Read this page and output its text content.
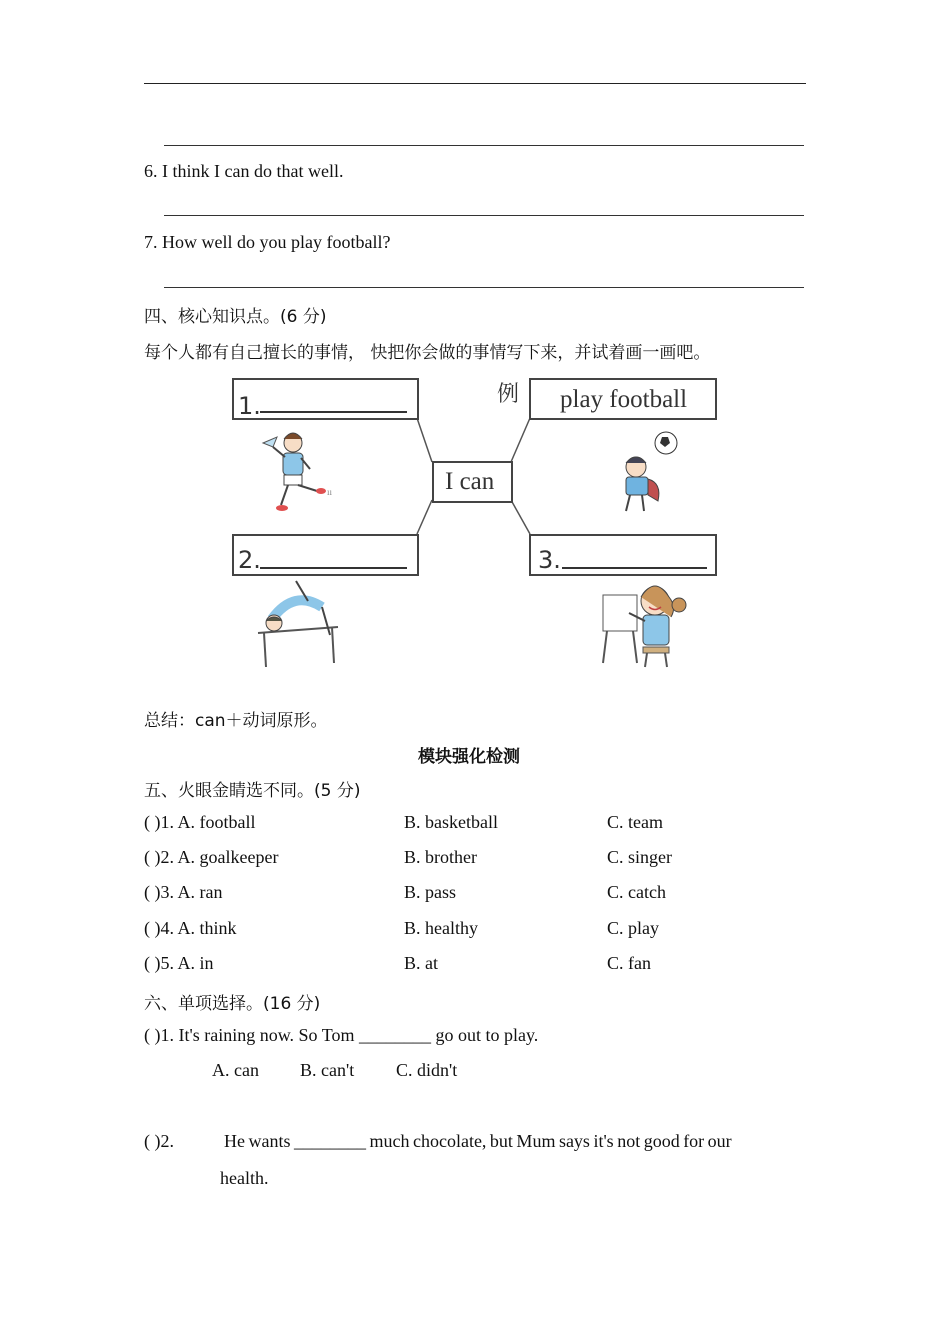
6. I think I can do that well.
7. How well do you play football?
四、核心知识点。(6 分)
每个人都有自己擅长的事情， 快把你会做的事情写下来，并试着画一画吧。
1.	例 play football
I can
2.	3.
ıı
总结：can＋动词原形。
模块强化检测
五、火眼金睛选不同。(5 分)
( )1. A. football	B. basketball	C. team
( )2. A. goalkeeper	B. brother	C. singer
( )3. A. ran	B. pass	C. catch
( )4. A. think	B. healthy	C. play
( )5. A. in	B. at	C. fan
六、单项选择。(16 分)
( )1. It's raining now. So Tom ________ go out to play.
A. can B. can't C. didn't
( )2.	He wants ________ much chocolate, but Mum says it's not good for our
health.
